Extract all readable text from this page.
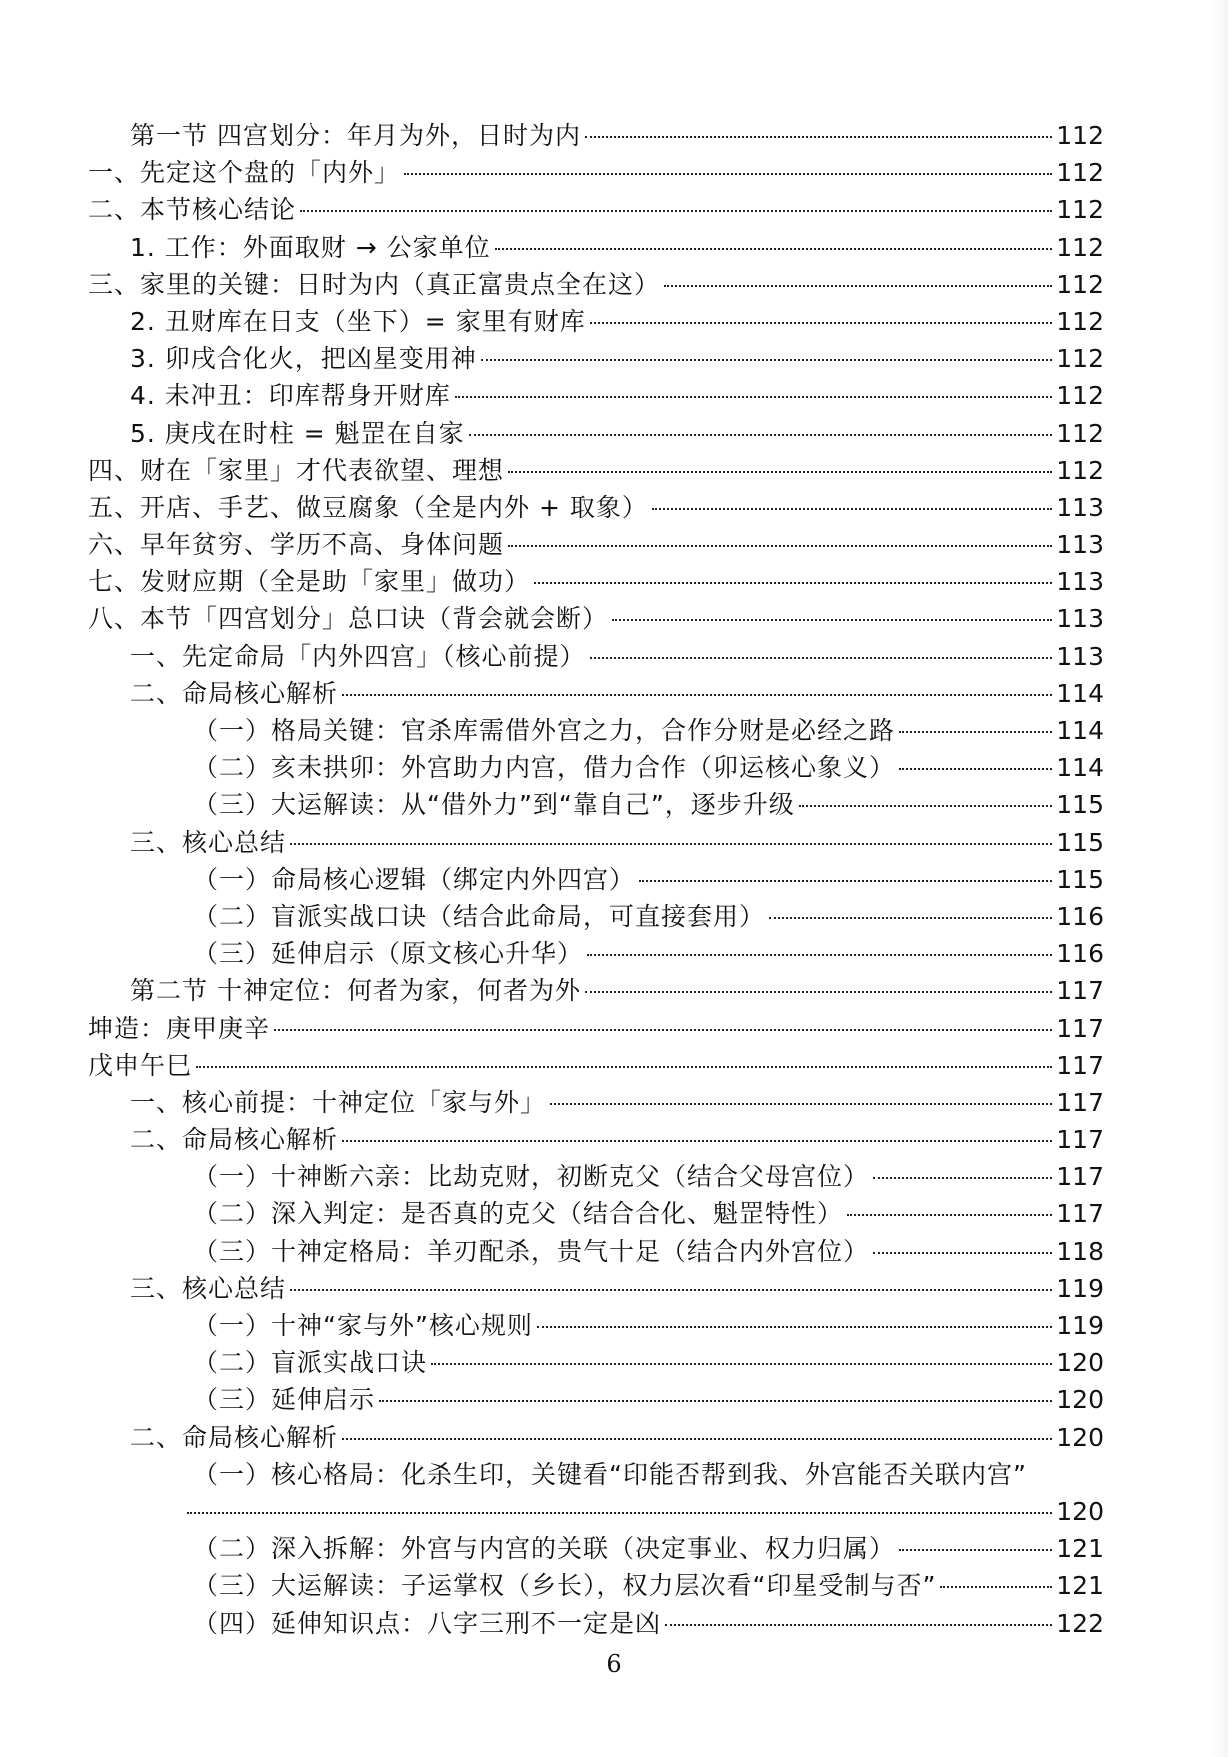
第一节 四宫划分：年月为外，日时为内	112
一、先定这个盘的「内外」	112
二、本节核心结论	112
1. 工作：外面取财 → 公家单位	112
三、家里的关键：日时为内（真正富贵点全在这）	112
2. 丑财库在日支（坐下）= 家里有财库	112
3. 卯戌合化火，把凶星变用神	112
4. 未冲丑：印库帮身开财库	112
5. 庚戌在时柱 = 魁罡在自家	112
四、财在「家里」才代表欲望、理想	112
五、开店、手艺、做豆腐象（全是内外 + 取象）	113
六、早年贫穷、学历不高、身体问题	113
七、发财应期（全是助「家里」做功）	113
八、本节「四宫划分」总口诀（背会就会断）	113
一、先定命局「内外四宫」（核心前提）	113
二、命局核心解析	114
（一）格局关键：官杀库需借外宫之力，合作分财是必经之路	114
（二）亥未拱卯：外宫助力内宫，借力合作（卯运核心象义）	114
（三）大运解读：从“借外力”到“靠自己”，逐步升级	115
三、核心总结	115
（一）命局核心逻辑（绑定内外四宫）	115
（二）盲派实战口诀（结合此命局，可直接套用）	116
（三）延伸启示（原文核心升华）	116
第二节 十神定位：何者为家，何者为外	117
坤造：庚甲庚辛	117
戊申午巳	117
一、核心前提：十神定位「家与外」	117
二、命局核心解析	117
（一）十神断六亲：比劫克财，初断克父（结合父母宫位）	117
（二）深入判定：是否真的克父（结合合化、魁罡特性）	117
（三）十神定格局：羊刃配杀，贵气十足（结合内外宫位）	118
三、核心总结	119
（一）十神“家与外”核心规则	119
（二）盲派实战口诀	120
（三）延伸启示	120
二、命局核心解析	120
（一）核心格局：化杀生印，关键看“印能否帮到我、外宫能否关联内宫”
120
（二）深入拆解：外宫与内宫的关联（决定事业、权力归属）	121
（三）大运解读：子运掌权（乡长），权力层次看“印星受制与否”	121
（四）延伸知识点：八字三刑不一定是凶	122
6
